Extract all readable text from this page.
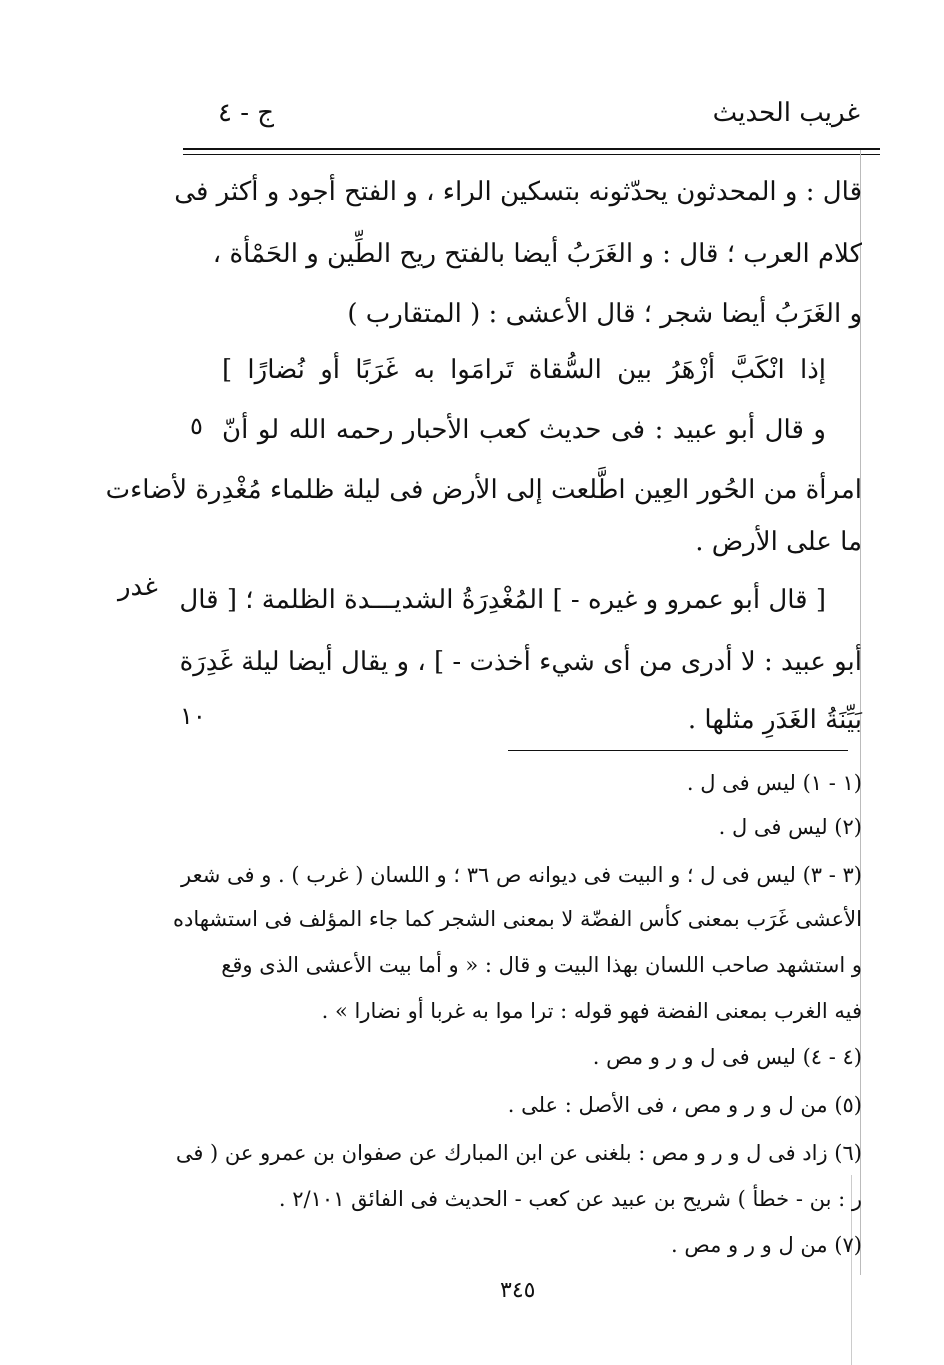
غريب الحديث
ج - ٤
قال : و المحدثون يحدّثونه بتسكين الراء ، و الفتح أجود و أكثر فى
كلام العرب ؛ قال : و الغَرَبُ أيضا بالفتح ريح الطِّين و الحَمْأة ،
و الغَرَبُ أيضا شجر ؛ قال الأعشى : ( المتقارب )
إذا انْكَبَّ أزْهَرُ بين السُّقاة تَرامَوا به غَرَبًا أو نُضارًا ]
و قال أبو عبيد : فى حديث كعب الأحبار رحمه الله لو أنّ
امرأة من الحُور العِين اطَّلعت إلى الأرض فى ليلة ظلماء مُغْدِرة لأضاءت
ما على الأرض .
[ قال أبو عمرو و غيره - ] المُغْدِرَةُ الشديـــدة الظلمة ؛ [ قال
أبو عبيد : لا أدرى من أى شيء أخذت - ] ، و يقال أيضا ليلة غَدِرَة
بَيِّنَةُ الغَدَرِ مثلها .
غدر
٥
١٠
(١ - ١) ليس فى ل .
(٢) ليس فى ل .
(٣ - ٣) ليس فى ل ؛ و البيت فى ديوانه ص ٣٦ ؛ و اللسان ( غرب ) . و فى شعر
الأعشى غَرَب بمعنى كأس الفضّة لا بمعنى الشجر كما جاء المؤلف فى استشهاده
و استشهد صاحب اللسان بهذا البيت و قال : « و أما بيت الأعشى الذى وقع
فيه الغرب بمعنى الفضة فهو قوله : ترا موا به غربا أو نضارا » .
(٤ - ٤) ليس فى ل و ر و مص .
(٥) من ل و ر و مص ، فى الأصل : على .
(٦) زاد فى ل و ر و مص : بلغنى عن ابن المبارك عن صفوان بن عمرو عن ( فى
ر : بن - خطأ ) شريح بن عبيد عن كعب - الحديث فى الفائق ٢/١٠١ .
(٧) من ل و ر و مص .
٣٤٥
